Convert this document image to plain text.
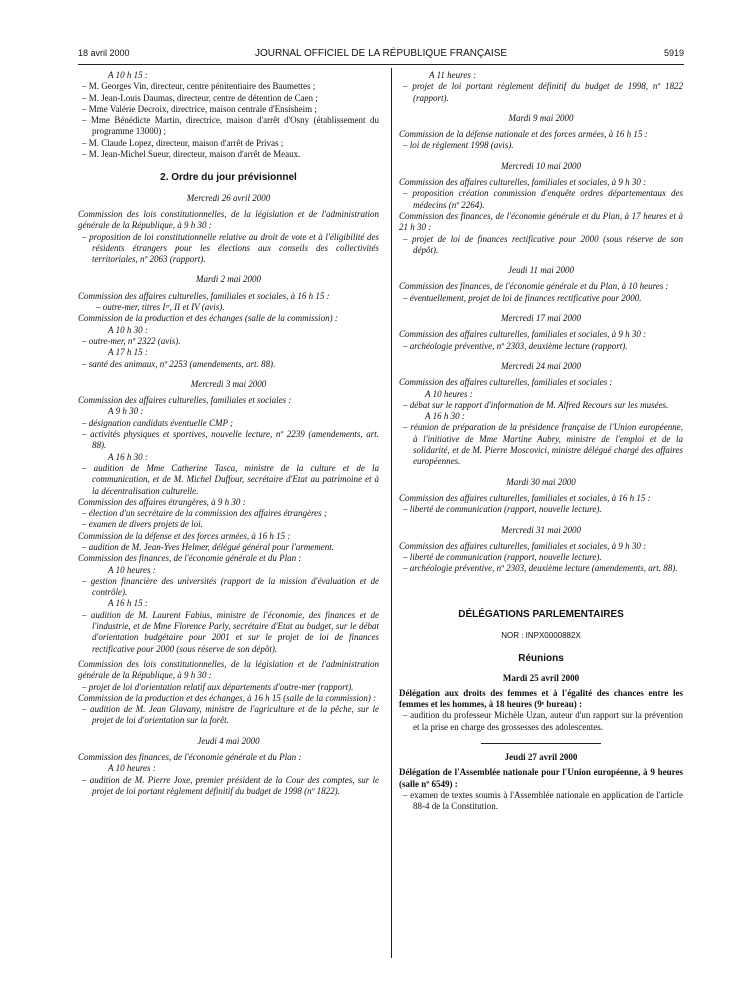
18 avril 2000	JOURNAL OFFICIEL DE LA RÉPUBLIQUE FRANÇAISE	5919

A 10 h 15 :

– M. Georges Vin, directeur, centre pénitentiaire des Baumettes ;

– M. Jean-Louis Daumas, directeur, centre de détention de Caen ;

– Mme Valérie Decroix, directrice, maison centrale d'Ensisheim ;

– Mme Bénédicte Martin, directrice, maison d'arrêt d'Osny (établissement du programme 13000) ;

– M. Claude Lopez, directeur, maison d'arrêt de Privas ;

– M. Jean-Michel Sueur, directeur, maison d'arrêt de Meaux.

2. Ordre du jour prévisionnel

Mercredi 26 avril 2000

Commission des lois constitutionnelles, de la législation et de l'administration générale de la République, à 9 h 30 :

– proposition de loi constitutionnelle relative au droit de vote et à l'éligibilité des résidents étrangers pour les élections aux conseils des collectivités territoriales, nº 2063 (rapport).

Mardi 2 mai 2000

Commission des affaires culturelles, familiales et sociales, à 16 h 15 :

– outre-mer, titres Iᵉʳ, II et IV (avis).

Commission de la production et des échanges (salle de la commission) :

A 10 h 30 :

– outre-mer, nº 2322 (avis).

A 17 h 15 :

– santé des animaux, nº 2253 (amendements, art. 88).

Mercredi 3 mai 2000

Commission des affaires culturelles, familiales et sociales :

A 9 h 30 :

– désignation candidats éventuelle CMP ;

– activités physiques et sportives, nouvelle lecture, nº 2239 (amendements, art. 88).

A 16 h 30 :

– audition de Mme Catherine Tasca, ministre de la culture et de la communication, et de M. Michel Duffour, secrétaire d'Etat au patrimoine et à la décentralisation culturelle.

Commission des affaires étrangères, à 9 h 30 :

– élection d'un secrétaire de la commission des affaires étrangères ;

– examen de divers projets de loi.

Commission de la défense et des forces armées, à 16 h 15 :

– audition de M. Jean-Yves Helmer, délégué général pour l'armement.

Commission des finances, de l'économie générale et du Plan :

A 10 heures :

– gestion financière des universités (rapport de la mission d'évaluation et de contrôle).

A 16 h 15 :

– audition de M. Laurent Fabius, ministre de l'économie, des finances et de l'industrie, et de Mme Florence Parly, secrétaire d'Etat au budget, sur le débat d'orientation budgétaire pour 2001 et sur le projet de loi de finances rectificative pour 2000 (sous réserve de son dépôt).

Commission des lois constitutionnelles, de la législation et de l'administration générale de la République, à 9 h 30 :

– projet de loi d'orientation relatif aux départements d'outre-mer (rapport).

Commission de la production et des échanges, à 16 h 15 (salle de la commission) :

– audition de M. Jean Glavany, ministre de l'agriculture et de la pêche, sur le projet de loi d'orientation sur la forêt.

Jeudi 4 mai 2000

Commission des finances, de l'économie générale et du Plan :

A 10 heures :

– audition de M. Pierre Joxe, premier président de la Cour des comptes, sur le projet de loi portant règlement définitif du budget de 1998 (nº 1822).

A 11 heures :

– projet de loi portant règlement définitif du budget de 1998, nº 1822 (rapport).

Mardi 9 mai 2000

Commission de la défense nationale et des forces armées, à 16 h 15 :

– loi de règlement 1998 (avis).

Mercredi 10 mai 2000

Commission des affaires culturelles, familiales et sociales, à 9 h 30 :

– proposition création commission d'enquête ordres départementaux des médecins (nº 2264).

Commission des finances, de l'économie générale et du Plan, à 17 heures et à 21 h 30 :

– projet de loi de finances rectificative pour 2000 (sous réserve de son dépôt).

Jeudi 11 mai 2000

Commission des finances, de l'économie générale et du Plan, à 10 heures :

– éventuellement, projet de loi de finances rectificative pour 2000.

Mercredi 17 mai 2000

Commission des affaires culturelles, familiales et sociales, à 9 h 30 :

– archéologie préventive, nº 2303, deuxième lecture (rapport).

Mercredi 24 mai 2000

Commission des affaires culturelles, familiales et sociales :

A 10 heures :

– débat sur le rapport d'information de M. Alfred Recours sur les musées.

A 16 h 30 :

– réunion de préparation de la présidence française de l'Union européenne, à l'initiative de Mme Martine Aubry, ministre de l'emploi et de la solidarité, et de M. Pierre Moscovici, ministre délégué chargé des affaires européennes.

Mardi 30 mai 2000

Commission des affaires culturelles, familiales et sociales, à 16 h 15 :

– liberté de communication (rapport, nouvelle lecture).

Mercredi 31 mai 2000

Commission des affaires culturelles, familiales et sociales, à 9 h 30 :

– liberté de communication (rapport, nouvelle lecture).

– archéologie préventive, nº 2303, deuxième lecture (amendements, art. 88).

DÉLÉGATIONS PARLEMENTAIRES

NOR : INPX0000882X

Réunions

Mardi 25 avril 2000

Délégation aux droits des femmes et à l'égalité des chances entre les femmes et les hommes, à 18 heures (9ᵉ bureau) :

– audition du professeur Michèle Uzan, auteur d'un rapport sur la prévention et la prise en charge des grossesses des adolescentes.

Jeudi 27 avril 2000

Délégation de l'Assemblée nationale pour l'Union européenne, à 9 heures (salle nº 6549) :

– examen de textes soumis à l'Assemblée nationale en application de l'article 88-4 de la Constitution.
